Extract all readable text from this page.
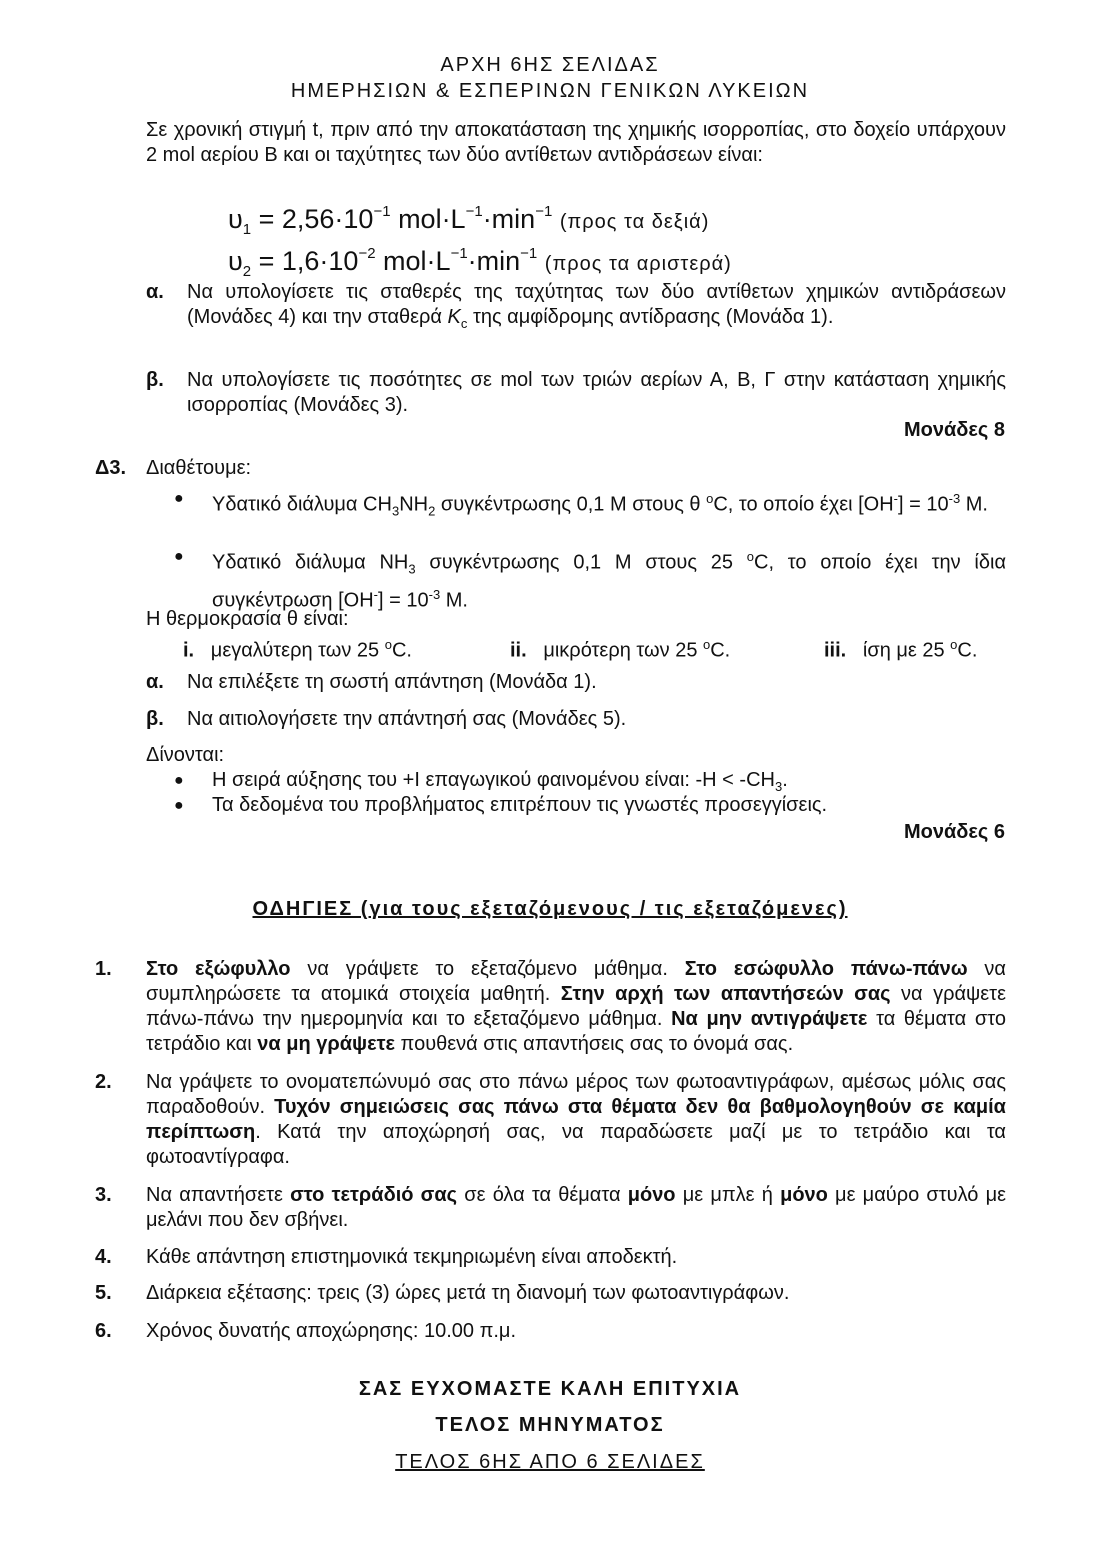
ΑΡΧΗ 6ΗΣ ΣΕΛΙΔΑΣ
ΗΜΕΡΗΣΙΩΝ & ΕΣΠΕΡΙΝΩΝ ΓΕΝΙΚΩΝ ΛΥΚΕΙΩΝ
Σε χρονική στιγμή t, πριν από την αποκατάσταση της χημικής ισορροπίας, στο δοχείο υπάρχουν 2 mol αερίου Β και οι ταχύτητες των δύο αντίθετων αντιδράσεων είναι:
$\upsilon_1 = 2,56\cdot 10^{-1}$ $mol\cdot L^{-1}\cdot\min^{-1}$ (προς τα δεξιά)
$\upsilon_2 = 1,6\cdot 10^{-2}$ $mol\cdot L^{-1}\cdot\min^{-1}$ (προς τα αριστερά)
α. Να υπολογίσετε τις σταθερές της ταχύτητας των δύο αντίθετων χημικών αντιδράσεων (Μονάδες 4) και την σταθερά $K_c$ της αμφίδρομης αντίδρασης (Μονάδα 1).
β. Να υπολογίσετε τις ποσότητες σε mol των τριών αερίων Α, Β, Γ στην κατάσταση χημικής ισορροπίας (Μονάδες 3).
Μονάδες 8
Δ3. Διαθέτουμε:
● Υδατικό διάλυμα $CH_3NH_2$ συγκέντρωσης 0,1 Μ στους θ $^o$C, το οποίο έχει $[OH^-] = 10^{-3}$ M.
● Υδατικό διάλυμα $NH_3$ συγκέντρωσης 0,1 Μ στους 25 $^o$C, το οποίο έχει την ίδια συγκέντρωση $[OH^-] = 10^{-3}$ M.
Η θερμοκρασία θ είναι:
i. μεγαλύτερη των 25 $^o$C.	ii. μικρότερη των 25 $^o$C.	iii. ίση με 25 $^o$C.
α. Να επιλέξετε τη σωστή απάντηση (Μονάδα 1).
β. Να αιτιολογήσετε την απάντησή σας (Μονάδες 5).
Δίνονται:
● Η σειρά αύξησης του +I επαγωγικού φαινομένου είναι: $-H < -CH_3$.
● Τα δεδομένα του προβλήματος επιτρέπουν τις γνωστές προσεγγίσεις.
Μονάδες 6
ΟΔΗΓΙΕΣ (για τους εξεταζόμενους / τις εξεταζόμενες)
1. Στο εξώφυλλο να γράψετε το εξεταζόμενο μάθημα. Στο εσώφυλλο πάνω-πάνω να συμπληρώσετε τα ατομικά στοιχεία μαθητή. Στην αρχή των απαντήσεών σας να γράψετε πάνω-πάνω την ημερομηνία και το εξεταζόμενο μάθημα. Να μην αντιγράψετε τα θέματα στο τετράδιο και να μη γράψετε πουθενά στις απαντήσεις σας το όνομά σας.
2. Να γράψετε το ονοματεπώνυμό σας στο πάνω μέρος των φωτοαντιγράφων, αμέσως μόλις σας παραδοθούν. Τυχόν σημειώσεις σας πάνω στα θέματα δεν θα βαθμολογηθούν σε καμία περίπτωση. Κατά την αποχώρησή σας, να παραδώσετε μαζί με το τετράδιο και τα φωτοαντίγραφα.
3. Να απαντήσετε στο τετράδιό σας σε όλα τα θέματα μόνο με μπλε ή μόνο με μαύρο στυλό με μελάνι που δεν σβήνει.
4. Κάθε απάντηση επιστημονικά τεκμηριωμένη είναι αποδεκτή.
5. Διάρκεια εξέτασης: τρεις (3) ώρες μετά τη διανομή των φωτοαντιγράφων.
6. Χρόνος δυνατής αποχώρησης: 10.00 π.μ.
ΣΑΣ ΕΥΧΟΜΑΣΤΕ ΚΑΛΗ ΕΠΙΤΥΧΙΑ
ΤΕΛΟΣ ΜΗΝΥΜΑΤΟΣ
ΤΕΛΟΣ 6ΗΣ ΑΠΟ 6 ΣΕΛΙΔΕΣ
